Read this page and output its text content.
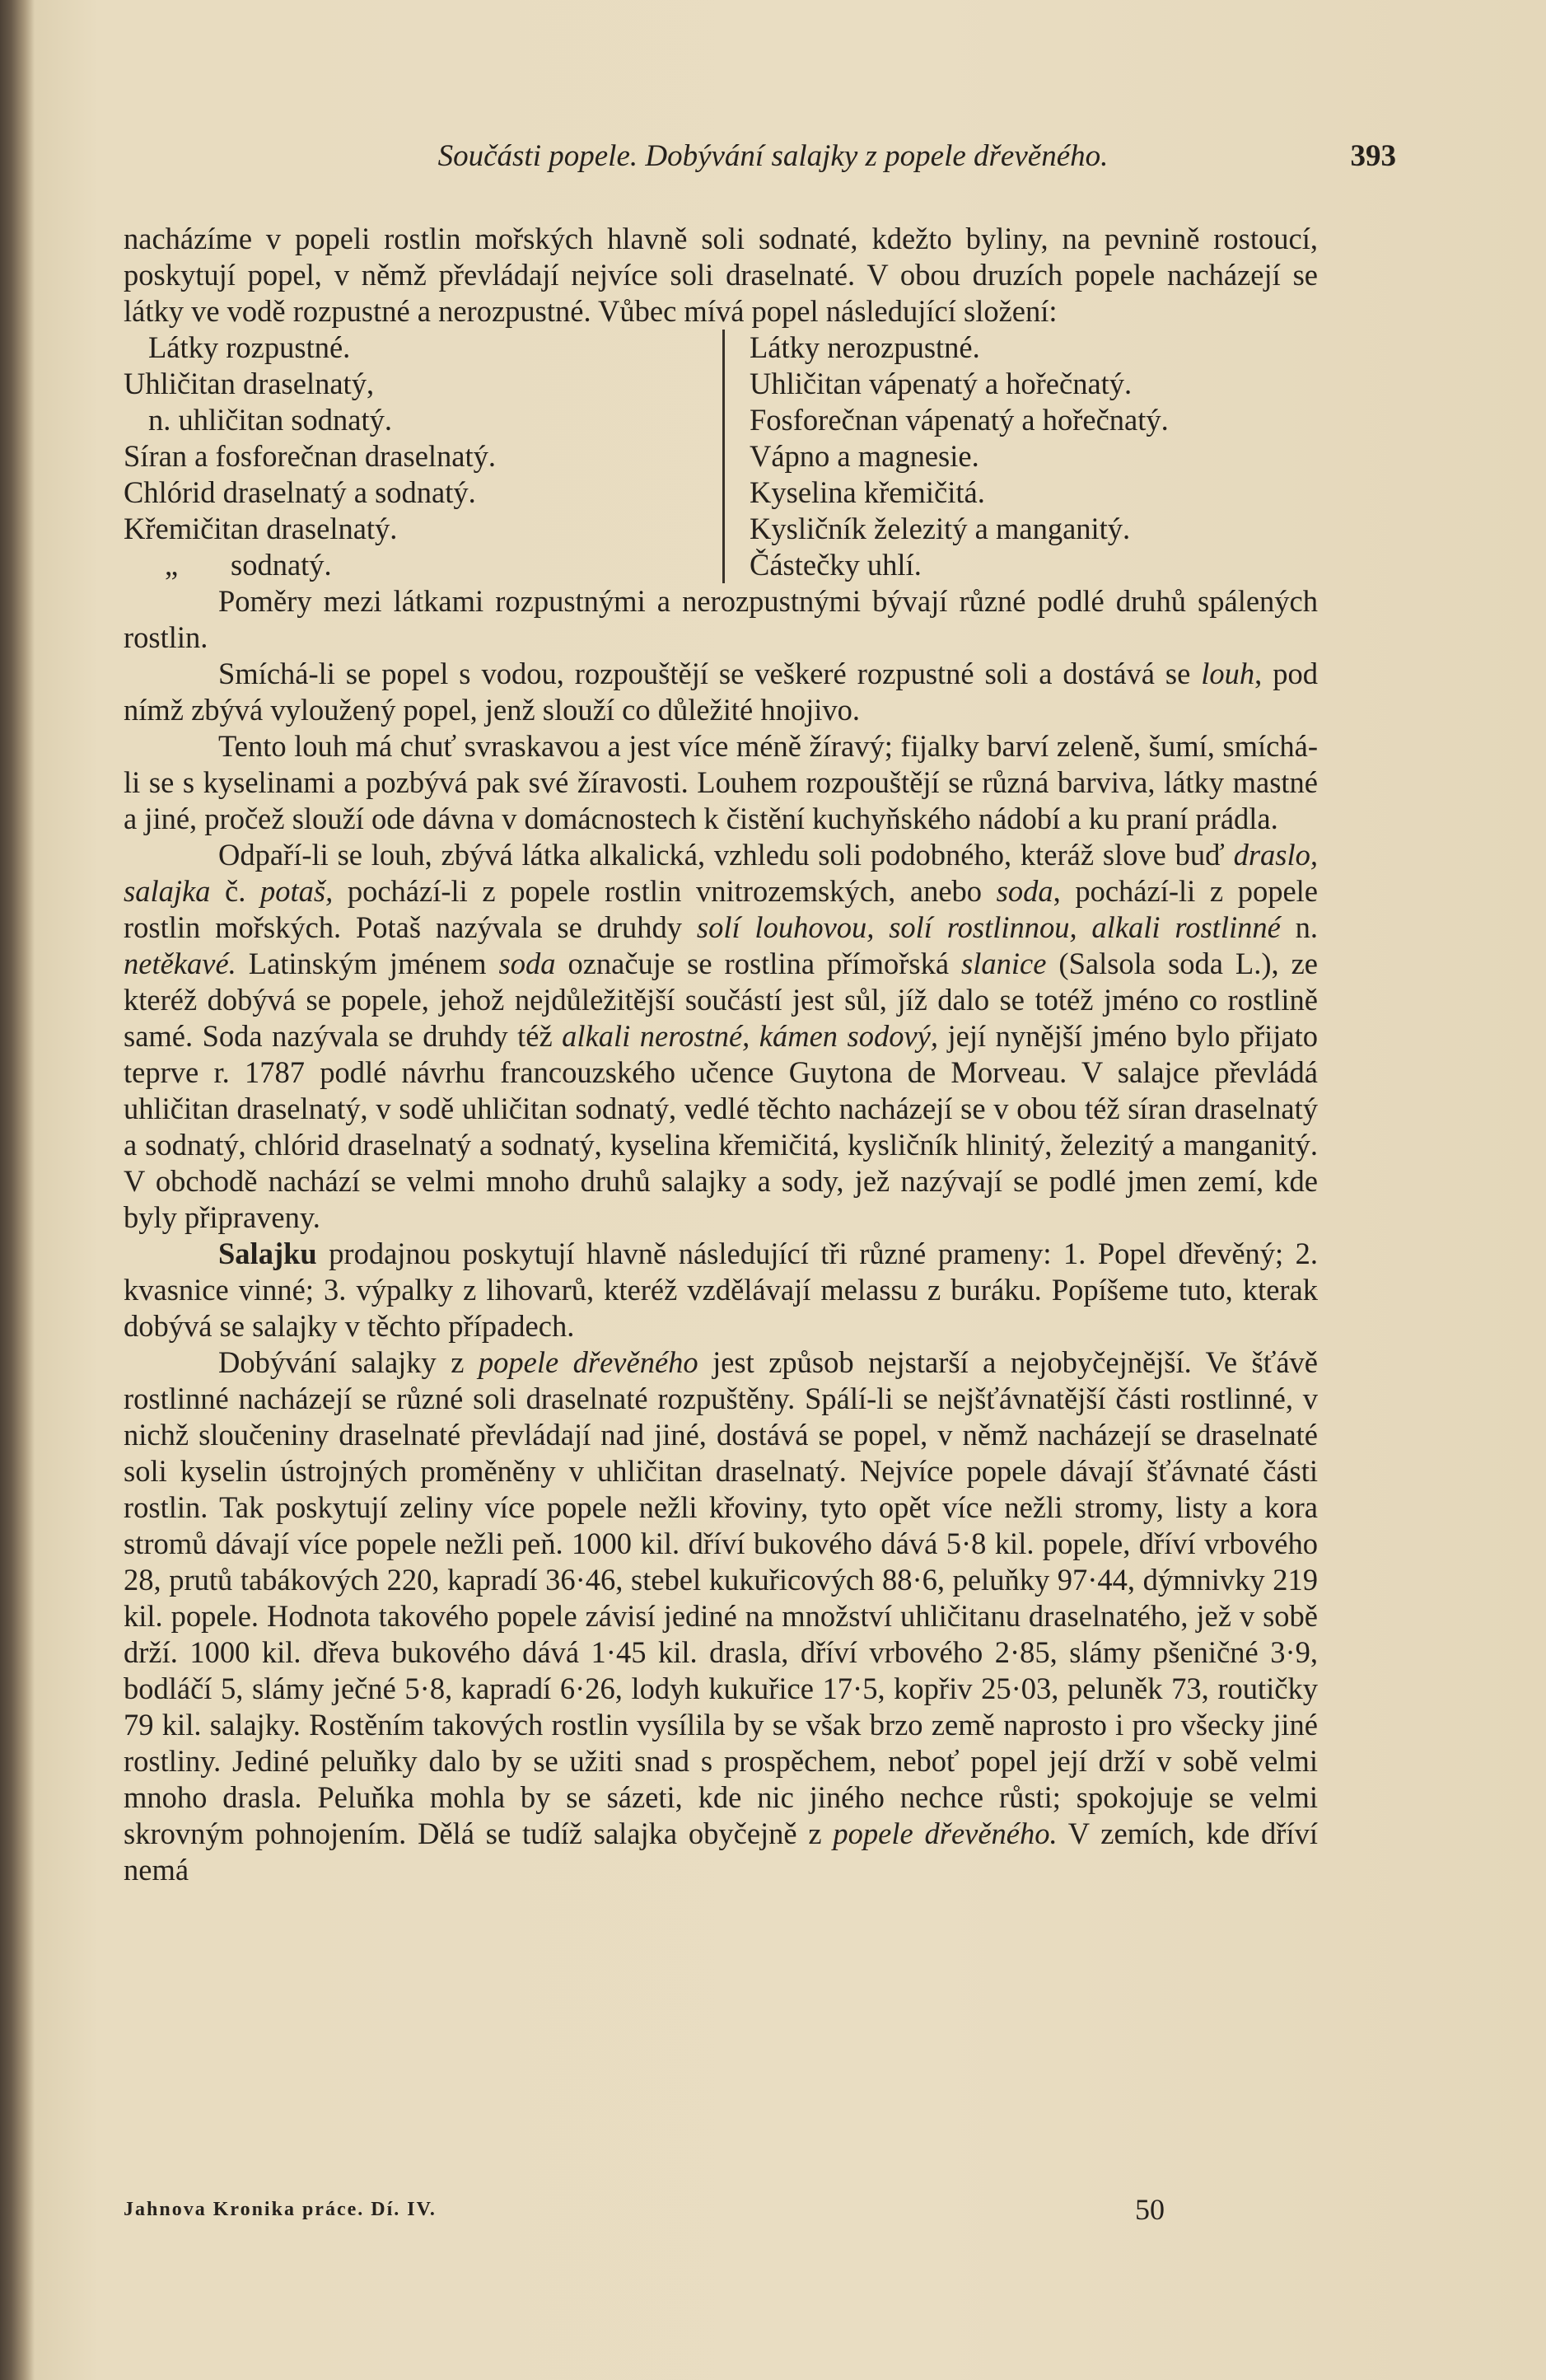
Součásti popele. Dobývání salajky z popele dřevěného.	393

nacházíme v popeli rostlin mořských hlavně soli sodnaté, kdežto byliny, na pevnině rostoucí, poskytují popel, v němž převládají nejvíce soli draselnaté. V obou druzích popele nacházejí se látky ve vodě rozpustné a nerozpustné. Vůbec mívá popel následující složení:

Látky rozpustné.

Uhličitan draselnatý,
n. uhličitan sodnatý.
Síran a fosforečnan draselnatý.
Chlórid draselnatý a sodnatý.
Křemičitan draselnatý.
„ sodnatý.

Látky nerozpustné.

Uhličitan vápenatý a hořečnatý.
Fosforečnan vápenatý a hořečnatý.
Vápno a magnesie.
Kyselina křemičitá.
Kysličník železitý a manganitý.
Částečky uhlí.

Poměry mezi látkami rozpustnými a nerozpustnými bývají různé podlé druhů spálených rostlin.

Smíchá-li se popel s vodou, rozpouštějí se veškeré rozpustné soli a dostává se louh, pod nímž zbývá vyloužený popel, jenž slouží co důležité hnojivo.

Tento louh má chuť svraskavou a jest více méně žíravý; fijalky barví zeleně, šumí, smíchá-li se s kyselinami a pozbývá pak své žíravosti. Louhem rozpouštějí se různá barviva, látky mastné a jiné, pročež slouží ode dávna v domácnostech k čistění kuchyňského nádobí a ku praní prádla.

Odpaří-li se louh, zbývá látka alkalická, vzhledu soli podobného, kteráž slove buď draslo, salajka č. potaš, pochází-li z popele rostlin vnitrozemských, anebo soda, pochází-li z popele rostlin mořských. Potaš nazývala se druhdy solí louhovou, solí rostlinnou, alkali rostlinné n. netěkavé. Latinským jménem soda označuje se rostlina přímořská slanice (Salsola soda L.), ze kteréž dobývá se popele, jehož nejdůležitější součástí jest sůl, jíž dalo se totéž jméno co rostlině samé. Soda nazývala se druhdy též alkali nerostné, kámen sodový, její nynější jméno bylo přijato teprve r. 1787 podlé návrhu francouzského učence Guytona de Morveau. V salajce převládá uhličitan draselnatý, v sodě uhličitan sodnatý, vedlé těchto nacházejí se v obou též síran draselnatý a sodnatý, chlórid draselnatý a sodnatý, kyselina křemičitá, kysličník hlinitý, železitý a manganitý. V obchodě nachází se velmi mnoho druhů salajky a sody, jež nazývají se podlé jmen zemí, kde byly připraveny.

Salajku prodajnou poskytují hlavně následující tři různé prameny: 1. Popel dřevěný; 2. kvasnice vinné; 3. výpalky z lihovarů, kteréž vzdělávají melassu z buráku. Popíšeme tuto, kterak dobývá se salajky v těchto případech.

Dobývání salajky z popele dřevěného jest způsob nejstarší a nejobyčejnější. Ve šťávě rostlinné nacházejí se různé soli draselnaté rozpuštěny. Spálí-li se nejšťávnatější části rostlinné, v nichž sloučeniny draselnaté převládají nad jiné, dostává se popel, v němž nacházejí se draselnaté soli kyselin ústrojných proměněny v uhličitan draselnatý. Nejvíce popele dávají šťávnaté části rostlin. Tak poskytují zeliny více popele nežli křoviny, tyto opět více nežli stromy, listy a kora stromů dávají více popele nežli peň. 1000 kil. dříví bukového dává 5·8 kil. popele, dříví vrbového 28, prutů tabákových 220, kapradí 36·46, stebel kukuřicových 88·6, peluňky 97·44, dýmnivky 219 kil. popele. Hodnota takového popele závisí jediné na množství uhličitanu draselnatého, jež v sobě drží. 1000 kil. dřeva bukového dává 1·45 kil. drasla, dříví vrbového 2·85, slámy pšeničné 3·9, bodláčí 5, slámy ječné 5·8, kapradí 6·26, lodyh kukuřice 17·5, kopřiv 25·03, peluněk 73, routičky 79 kil. salajky. Rostěním takových rostlin vysílila by se však brzo země naprosto i pro všecky jiné rostliny. Jediné peluňky dalo by se užiti snad s prospěchem, neboť popel její drží v sobě velmi mnoho drasla. Peluňka mohla by se sázeti, kde nic jiného nechce růsti; spokojuje se velmi skrovným pohnojením. Dělá se tudíž salajka obyčejně z popele dřevěného. V zemích, kde dříví nemá

Jahnova Kronika práce. Dí. IV.	50
